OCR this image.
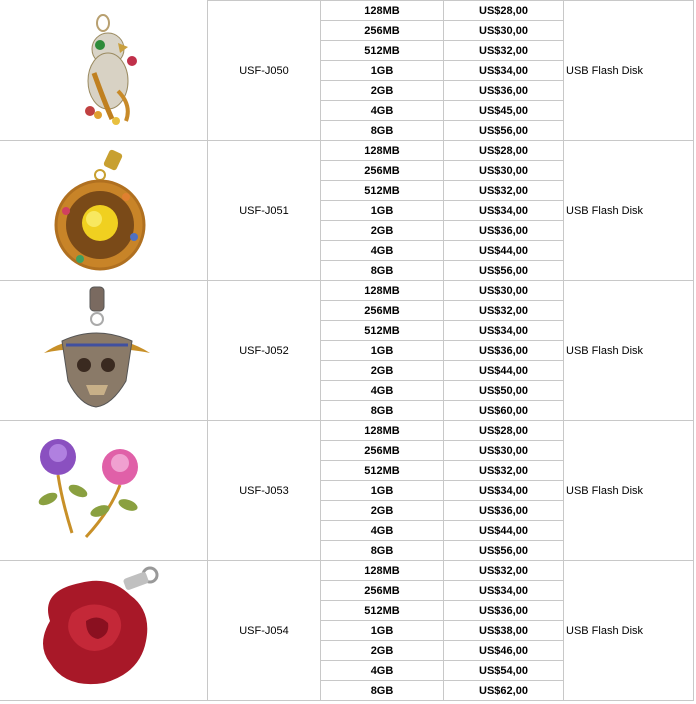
	USF-J050	128MB	US$28,00	USB Flash Disk
		256MB	US$30,00	
		512MB	US$32,00	
		1GB	US$34,00	
		2GB	US$36,00	
		4GB	US$45,00	
		8GB	US$56,00	

	USF-J051	128MB	US$28,00	USB Flash Disk
		256MB	US$30,00	
		512MB	US$32,00	
		1GB	US$34,00	
		2GB	US$36,00	
		4GB	US$44,00	
		8GB	US$56,00	

	USF-J052	128MB	US$30,00	USB Flash Disk
		256MB	US$32,00	
		512MB	US$34,00	
		1GB	US$36,00	
		2GB	US$44,00	
		4GB	US$50,00	
		8GB	US$60,00	

	USF-J053	128MB	US$28,00	USB Flash Disk
		256MB	US$30,00	
		512MB	US$32,00	
		1GB	US$34,00	
		2GB	US$36,00	
		4GB	US$44,00	
		8GB	US$56,00	

	USF-J054	128MB	US$32,00	USB Flash Disk
		256MB	US$34,00	
		512MB	US$36,00	
		1GB	US$38,00	
		2GB	US$46,00	
		4GB	US$54,00	
		8GB	US$62,00	
